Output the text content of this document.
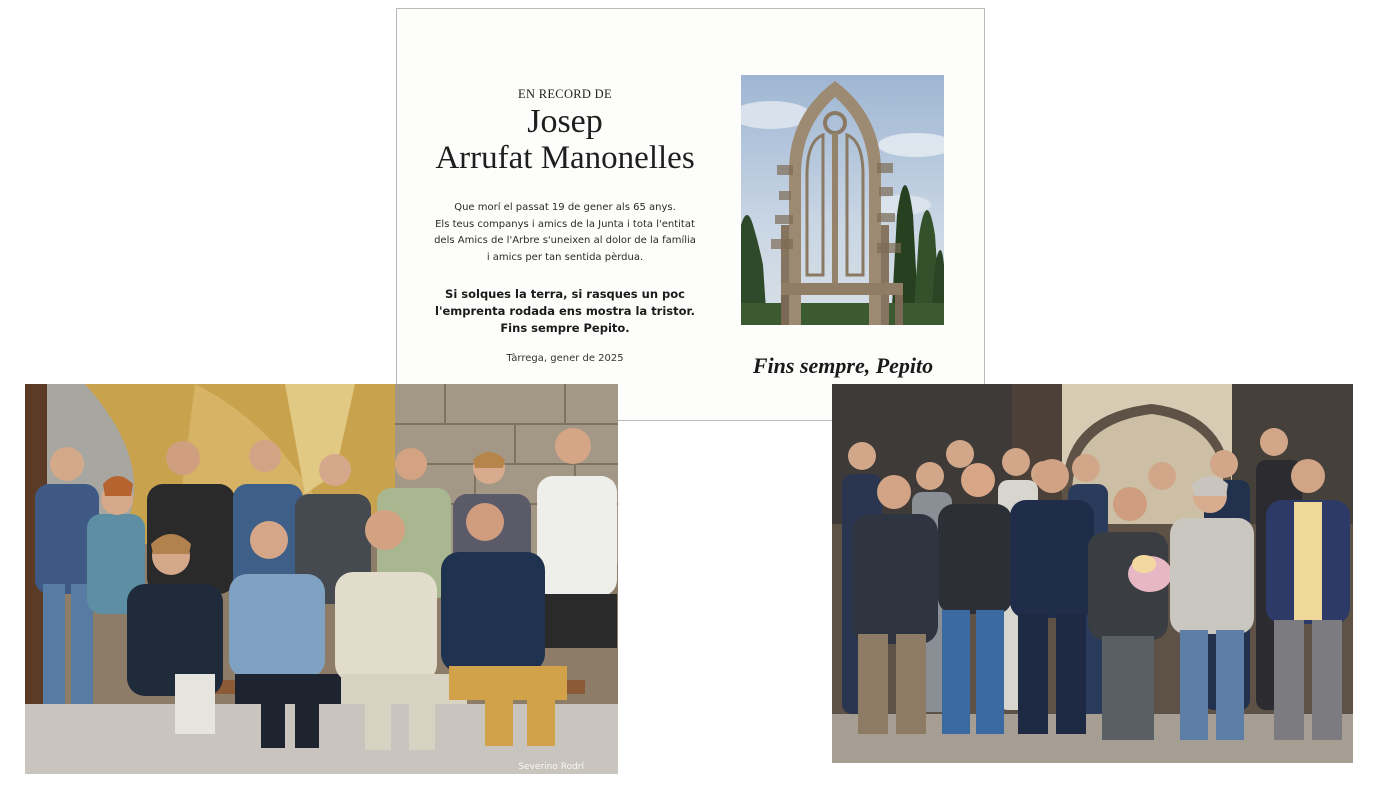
EN RECORD DE

Josep
Arrufat Manonelles
Que morí el passat 19 de gener als 65 anys.
Els teus companys i amics de la Junta i tota l'entitat
dels Amics de l'Arbre s'uneixen al dolor de la família
i amics per tan sentida pèrdua.
Si solques la terra, si rasques un poc
l'emprenta rodada ens mostra la tristor.
Fins sempre Pepito.
Tàrrega, gener de 2025	Fins sempre, Pepito
Severino Rodrí
